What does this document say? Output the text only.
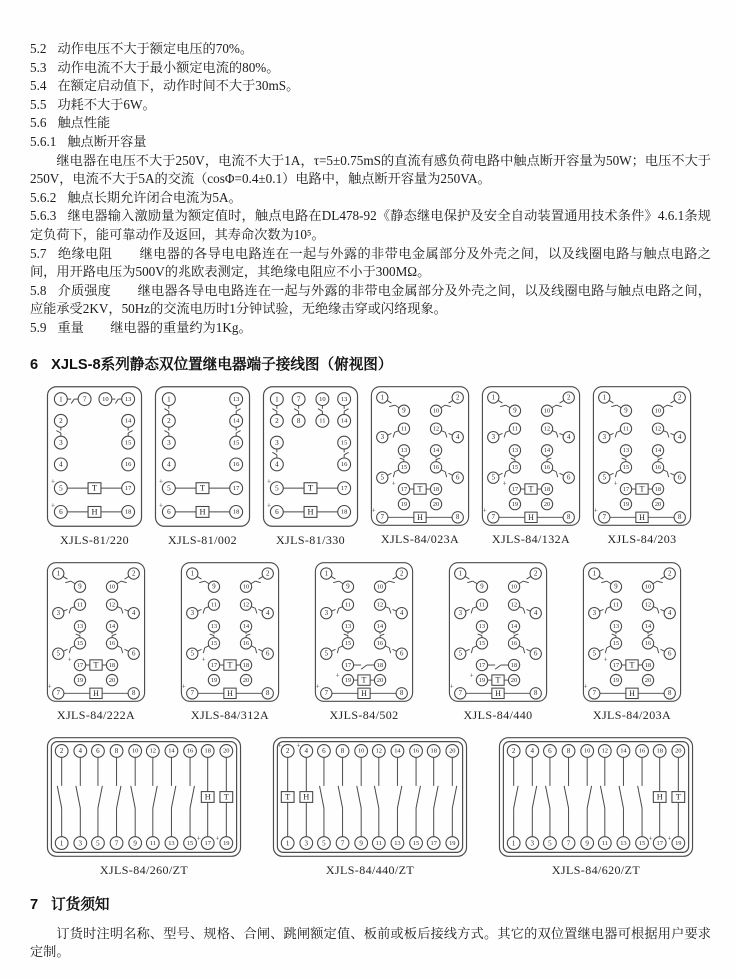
5.2 动作电压不大于额定电压的70%。

5.3 动作电流不大于最小额定电流的80%。

5.4 在额定启动值下，动作时间不大于30mS。

5.5 功耗不大于6W。

5.6 触点性能

5.6.1 触点断开容量

继电器在电压不大于250V，电流不大于1A，τ=5±0.75mS的直流有感负荷电路中触点断开容量为50W；电压不大于250V，电流不大于5A的交流（cosΦ=0.4±0.1）电路中，触点断开容量为250VA。

5.6.2 触点长期允许闭合电流为5A。

5.6.3 继电器输入激励量为额定值时，触点电路在DL478-92《静态继电保护及安全自动装置通用技术条件》4.6.1条规定负荷下，能可靠动作及返回，其寿命次数为10⁵。

5.7 绝缘电阻　　继电器的各导电电路连在一起与外露的非带电金属部分及外壳之间，以及线圈电路与触点电路之间，用开路电压为500V的兆欧表测定，其绝缘电阻应不小于300MΩ。

5.8 介质强度　　继电器各导电电路连在一起与外露的非带电金属部分及外壳之间，以及线圈电路与触点电路之间，应能承受2KV，50Hz的交流电历时1分钟试验，无绝缘击穿或闪络现象。

5.9 重量　　继电器的重量约为1Kg。

6 XJLS-8系列静态双位置继电器端子接线图（俯视图）
T
H
1
2
3
4
5
6
7 10 13
14
15
16
17
18
+
+
XJLS-81/220
T
H
1
2
3
4
5
6
13
14
15
16
17
18
+
+
XJLS-81/002
T
H
1
2
7
8
10
11
13
14
3
4
15
16
5
6
17
18
+
+
XJLS-81/330
T
H
1	2
9	10
11	12
3	4
13	14
15	16
5	6
17	18
19	20
7	8
+
+
XJLS-84/023A
T
H
1	2
9	10
11	12
3	4
13	14
15	16
5	6
17	18
19	20
7	8
+
+
XJLS-84/132A
T
H
1	2
9	10
11	12
3	4
13	14
15	16
5	6
17	18
19	20
7	8
+
+
XJLS-84/203
T
H
1	2
9	10
11	12
3	4
13	14
15	16
5	6
17	18
19	20
7	8
+
+
XJLS-84/222A
T
H
1	2
9	10
11	12
3	4
13	14
15	16
5	6
17	18
19	20
7	8
+
+
XJLS-84/312A
T
H
1	2
9	10
11	12
3	4
13	14
15	16
5	6
17	18
19	20
7	8
+
+
XJLS-84/502
T
H
1	2
9	10
11	12
3	4
13	14
15	16
5	6
17	18
19	20
7	8
+
+
XJLS-84/440
T
H
1	2
9	10
11	12
3	4
13	14
15	16
5	6
17	18
19	20
7	8
+
+
XJLS-84/203A
H T
2 4 6 8 10 12 14 16 18 20
1 3 5 7 9 11 13 15 17 19
+ +
XJLS-84/260/ZT
T H
2 4 6 8 10 12 14 16 18 20
1 3 5 7 9 11 13 15 17 19
+ +
XJLS-84/440/ZT
H T
2 4 6 8 10 12 14 16 18 20
1 3 5 7 9 11 13 15 17 19
+ +
XJLS-84/620/ZT
7 订货须知

订货时注明名称、型号、规格、合闸、跳闸额定值、板前或板后接线方式。其它的双位置继电器可根据用户要求定制。
